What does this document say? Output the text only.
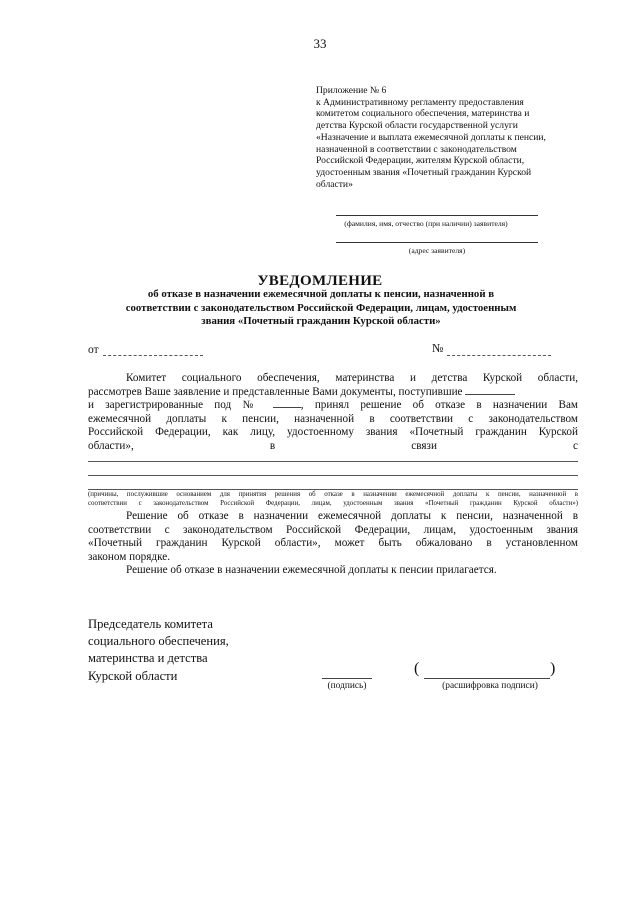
33
Приложение № 6
к Административному регламенту предоставления
комитетом социального обеспечения, материнства и
детства Курской области государственной услуги
«Назначение и выплата ежемесячной доплаты к пенсии,
назначенной в соответствии с законодательством
Российской Федерации, жителям Курской области,
удостоенным звания «Почетный гражданин Курской
области»
(фамилия, имя, отчество (при наличии) заявителя)
(адрес заявителя)
УВЕДОМЛЕНИЕ
об отказе в назначении ежемесячной доплаты к пенсии, назначенной в
соответствии с законодательством Российской Федерации, лицам, удостоенным
звания «Почетный гражданин Курской области»
от	№
Комитет социального обеспечения, материнства и детства Курской области,
рассмотрев Ваше заявление и представленные Вами документы, поступившие
и зарегистрированные под №	, принял решение об отказе в назначении Вам
ежемесячной доплаты к пенсии, назначенной в соответствии с законодательством
Российской Федерации, как лицу, удостоенному звания «Почетный гражданин Курской
области»,	в	связи	с
(причины, послужившие основанием для принятия решения об отказе в назначении ежемесячной доплаты к пенсии, назначенной в
соответствии с законодательством Российской Федерации, лицам, удостоенным звания «Почетный гражданин Курской области»)
Решение об отказе в назначении ежемесячной доплаты к пенсии, назначенной в
соответствии с законодательством Российской Федерации, лицам, удостоенным звания
«Почетный гражданин Курской области», может быть обжаловано в установленном
законом порядке.
Решение об отказе в назначении ежемесячной доплаты к пенсии прилагается.
Председатель комитета
социального обеспечения,
материнства и детства
Курской области
(подпись)
(	)
(расшифровка подписи)
